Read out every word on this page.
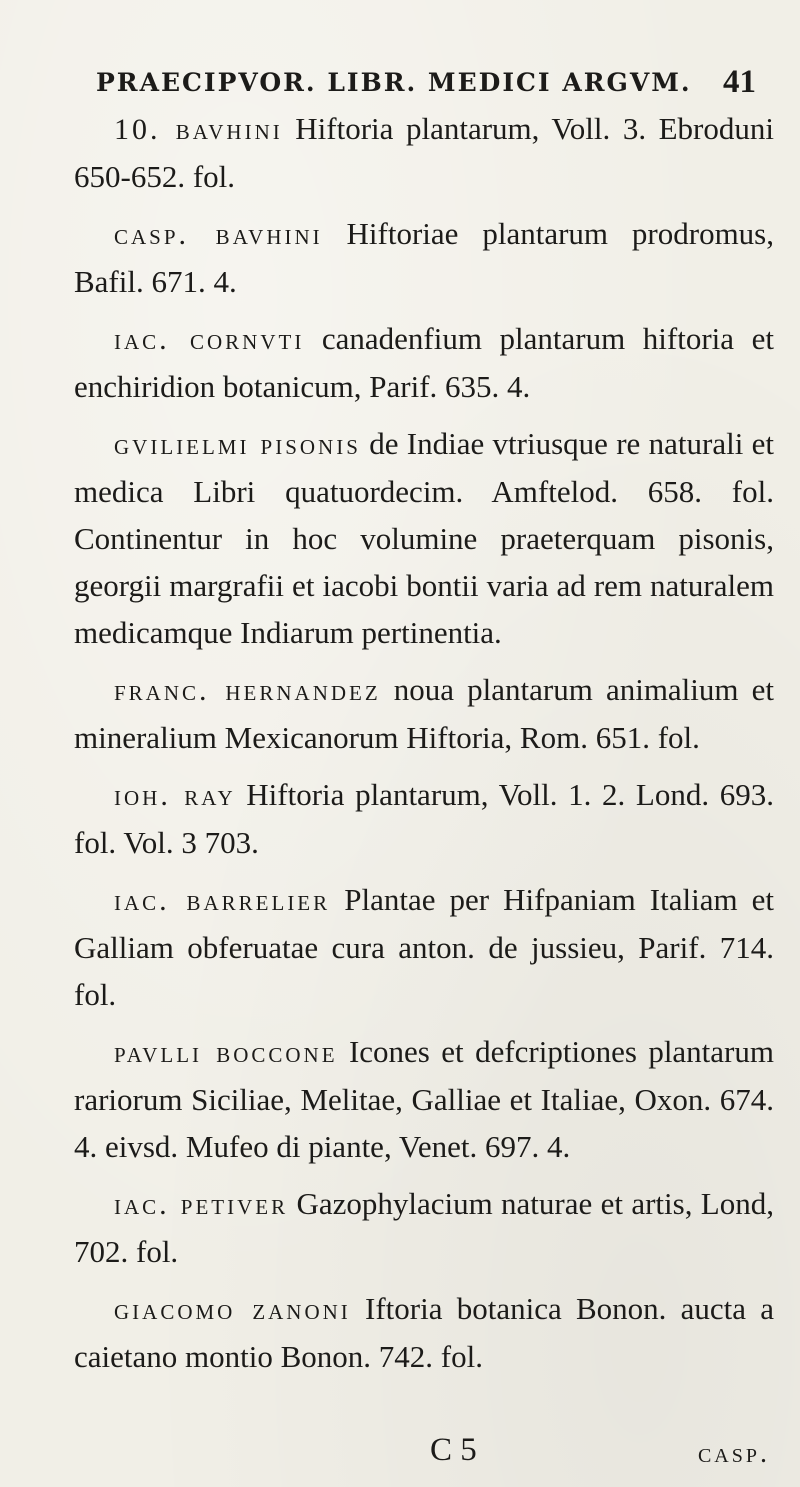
PRAECIPVOR. LIBR. MEDICI ARGVM. 41

10. bavhini Hiftoria plantarum, Voll. 3. Ebroduni 650-652. fol.

casp. bavhini Hiftoriae plantarum prodromus, Bafil. 671. 4.

iac. cornvti canadenfium plantarum hiftoria et enchiridion botanicum, Parif. 635. 4.

gvilielmi pisonis de Indiae vtriusque re naturali et medica Libri quatuordecim. Amftelod. 658. fol. Continentur in hoc volumine praeterquam pisonis, georgii margrafii et iacobi bontii varia ad rem naturalem medicamque Indiarum pertinentia.

franc. hernandez noua plantarum animalium et mineralium Mexicanorum Hiftoria, Rom. 651. fol.

ioh. ray Hiftoria plantarum, Voll. 1. 2. Lond. 693. fol. Vol. 3 703.

iac. barrelier Plantae per Hifpaniam Italiam et Galliam obferuatae cura anton. de jussieu, Parif. 714. fol.

pavlli boccone Icones et defcriptiones plantarum rariorum Siciliae, Melitae, Galliae et Italiae, Oxon. 674. 4. eivsd. Mufeo di piante, Venet. 697. 4.

iac. petiver Gazophylacium naturae et artis, Lond, 702. fol.

giacomo zanoni Iftoria botanica Bonon. aucta a caietano montio Bonon. 742. fol.

C 5	casp.
